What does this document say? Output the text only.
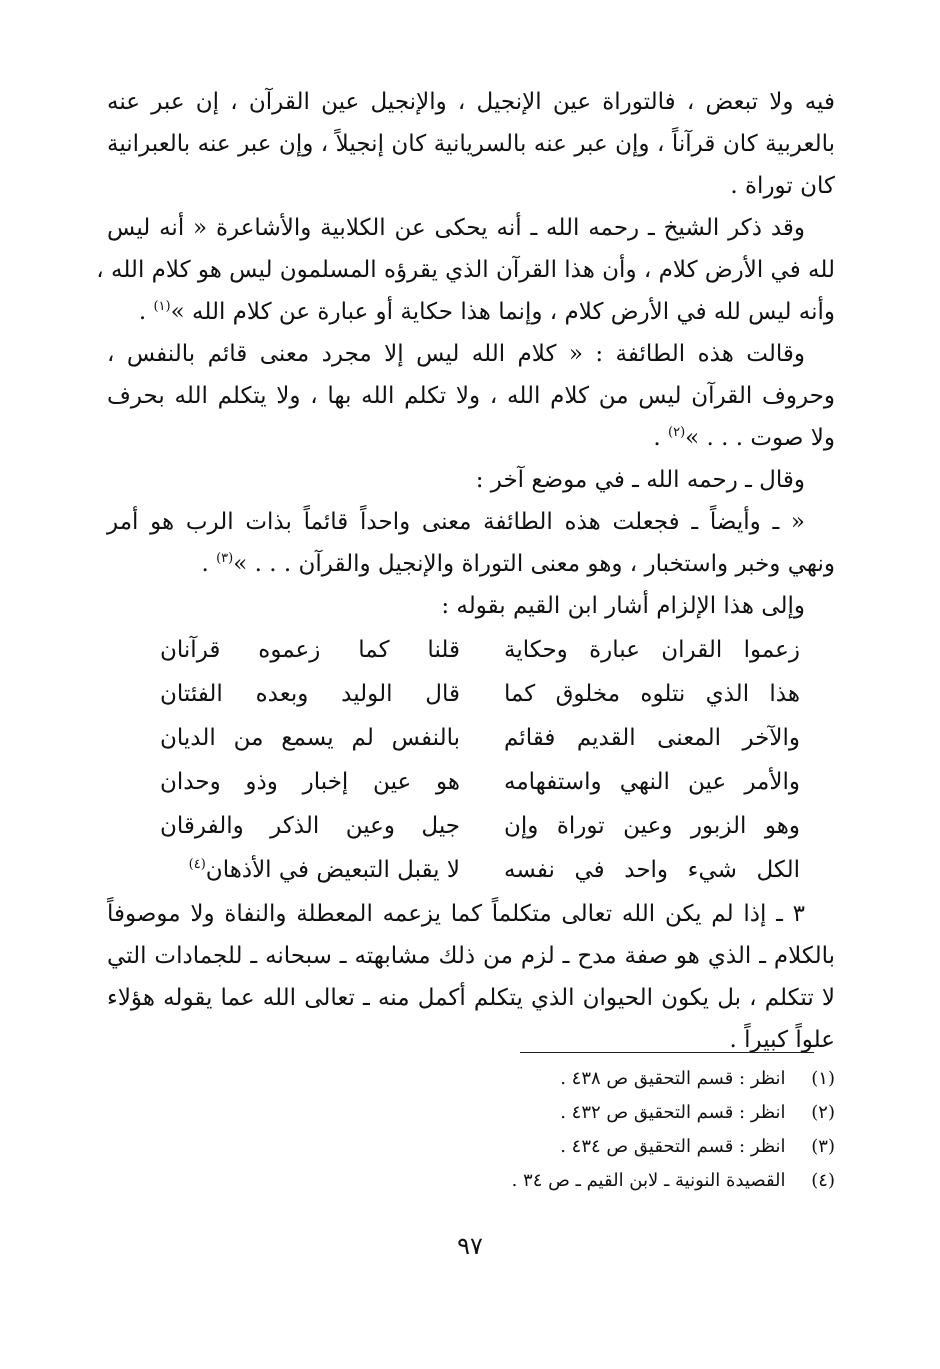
فيه ولا تبعض ، فالتوراة عين الإنجيل ، والإنجيل عين القرآن ، إن عبر عنه
بالعربية كان قرآناً ، وإن عبر عنه بالسريانية كان إنجيلاً ، وإن عبر عنه بالعبرانية
كان توراة .
وقد ذكر الشيخ ـ رحمه الله ـ أنه يحكى عن الكلابية والأشاعرة « أنه ليس
لله في الأرض كلام ، وأن هذا القرآن الذي يقرؤه المسلمون ليس هو كلام الله ،
وأنه ليس لله في الأرض كلام ، وإنما هذا حكاية أو عبارة عن كلام الله »$^{(١)}$ .
وقالت هذه الطائفة : « كلام الله ليس إلا مجرد معنى قائم بالنفس ،
وحروف القرآن ليس من كلام الله ، ولا تكلم الله بها ، ولا يتكلم الله بحرف
ولا صوت . . . »$^{(٢)}$ .
وقال ـ رحمه الله ـ في موضع آخر :
« ـ وأيضاً ـ فجعلت هذه الطائفة معنى واحداً قائماً بذات الرب هو أمر
ونهي وخبر واستخبار ، وهو معنى التوراة والإنجيل والقرآن . . . »$^{(٣)}$ .
وإلى هذا الإلزام أشار ابن القيم بقوله :
زعموا القران عبارة وحكاية
قلنا كما زعموه قرآنان
هذا الذي نتلوه مخلوق كما
قال الوليد وبعده الفئتان
والآخر المعنى القديم فقائم
بالنفس لم يسمع من الديان
والأمر عين النهي واستفهامه
هو عين إخبار وذو وحدان
وهو الزبور وعين توراة وإن
جيل وعين الذكر والفرقان
الكل شيء واحد في نفسه
لا يقبل التبعيض في الأذهان$^{(٤)}$
٣ ـ إذا لم يكن الله تعالى متكلماً كما يزعمه المعطلة والنفاة ولا موصوفاً
بالكلام ـ الذي هو صفة مدح ـ لزم من ذلك مشابهته ـ سبحانه ـ للجمادات التي
لا تتكلم ، بل يكون الحيوان الذي يتكلم أكمل منه ـ تعالى الله عما يقوله هؤلاء
علواً كبيراً .
(١)  انظر : قسم التحقيق ص ٤٣٨ .
(٢)  انظر : قسم التحقيق ص ٤٣٢ .
(٣)  انظر : قسم التحقيق ص ٤٣٤ .
(٤)  القصيدة النونية ـ لابن القيم ـ ص ٣٤ .
٩٧
